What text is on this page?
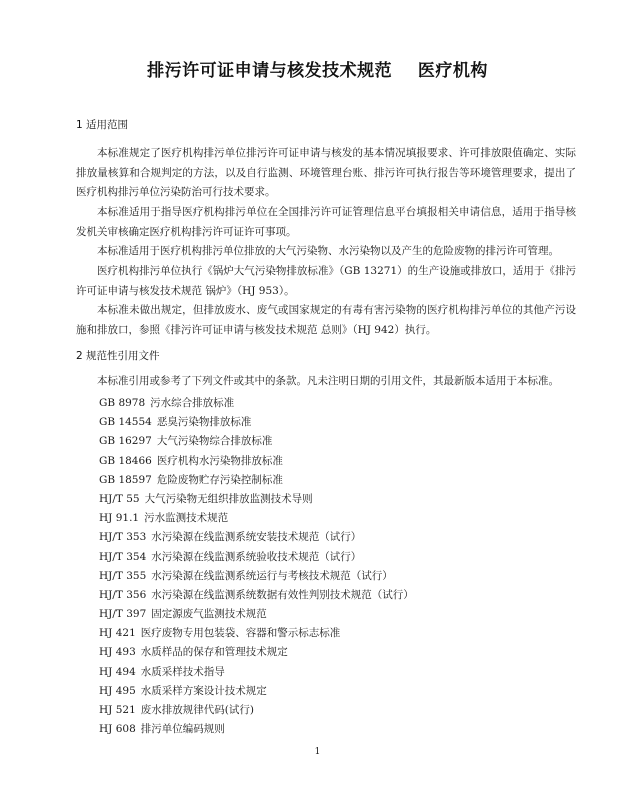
排污许可证申请与核发技术规范    医疗机构
1 适用范围

本标准规定了医疗机构排污单位排污许可证申请与核发的基本情况填报要求、许可排放限值确定、实际排放量核算和合规判定的方法，以及自行监测、环境管理台账、排污许可执行报告等环境管理要求，提出了医疗机构排污单位污染防治可行技术要求。

本标准适用于指导医疗机构排污单位在全国排污许可证管理信息平台填报相关申请信息，适用于指导核发机关审核确定医疗机构排污许可证许可事项。

本标准适用于医疗机构排污单位排放的大气污染物、水污染物以及产生的危险废物的排污许可管理。

医疗机构排污单位执行《锅炉大气污染物排放标准》（GB 13271）的生产设施或排放口，适用于《排污许可证申请与核发技术规范 锅炉》（HJ 953）。

本标准未做出规定，但排放废水、废气或国家规定的有毒有害污染物的医疗机构排污单位的其他产污设施和排放口，参照《排污许可证申请与核发技术规范 总则》（HJ 942）执行。

2 规范性引用文件

本标准引用或参考了下列文件或其中的条款。凡未注明日期的引用文件，其最新版本适用于本标准。

GB 8978 污水综合排放标准
GB 14554 恶臭污染物排放标准
GB 16297 大气污染物综合排放标准
GB 18466 医疗机构水污染物排放标准
GB 18597 危险废物贮存污染控制标准
HJ/T 55 大气污染物无组织排放监测技术导则
HJ 91.1 污水监测技术规范
HJ/T 353 水污染源在线监测系统安装技术规范（试行）
HJ/T 354 水污染源在线监测系统验收技术规范（试行）
HJ/T 355 水污染源在线监测系统运行与考核技术规范（试行）
HJ/T 356 水污染源在线监测系统数据有效性判别技术规范（试行）
HJ/T 397 固定源废气监测技术规范
HJ 421 医疗废物专用包装袋、容器和警示标志标准
HJ 493 水质样品的保存和管理技术规定
HJ 494 水质采样技术指导
HJ 495 水质采样方案设计技术规定
HJ 521 废水排放规律代码(试行)
HJ 608 排污单位编码规则
1
